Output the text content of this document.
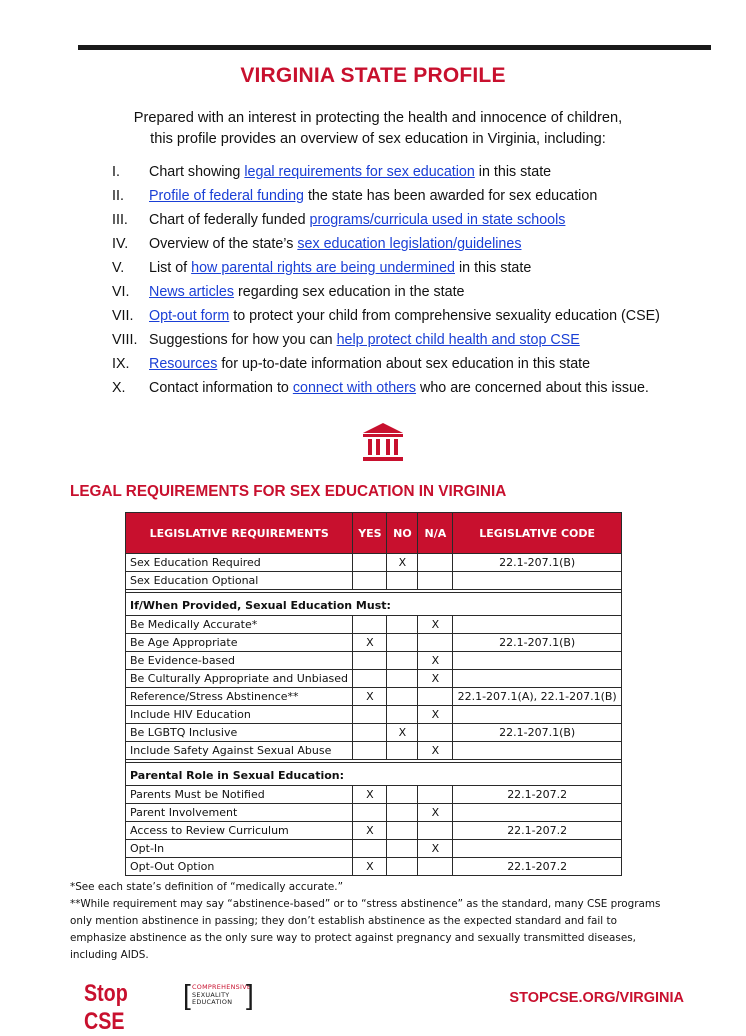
VIRGINIA STATE PROFILE
Prepared with an interest in protecting the health and innocence of children,
this profile provides an overview of sex education in Virginia, including:
I.	Chart showing legal requirements for sex education in this state
II.	Profile of federal funding the state has been awarded for sex education
III.	Chart of federally funded programs/curricula used in state schools
IV.	Overview of the state’s sex education legislation/guidelines
V.	List of how parental rights are being undermined in this state
VI.	News articles regarding sex education in the state
VII.	Opt-out form to protect your child from comprehensive sexuality education (CSE)
VIII. Suggestions for how you can help protect child health and stop CSE
IX.	Resources for up-to-date information about sex education in this state
X.	Contact information to connect with others who are concerned about this issue.
LEGAL REQUIREMENTS FOR SEX EDUCATION IN VIRGINIA
LEGISLATIVE REQUIREMENTS	YES	NO	N/A	LEGISLATIVE CODE
Sex Education Required		X		22.1-207.1(B)
Sex Education Optional				

If/When Provided, Sexual Education Must:				
Be Medically Accurate*			X	
Be Age Appropriate	X			22.1-207.1(B)
Be Evidence-based			X	
Be Culturally Appropriate and Unbiased			X	
Reference/Stress Abstinence**	X			22.1-207.1(A), 22.1-207.1(B)
Include HIV Education			X	
Be LGBTQ Inclusive		X		22.1-207.1(B)
Include Safety Against Sexual Abuse			X	

Parental Role in Sexual Education:				
Parents Must be Notified	X			22.1-207.2
Parent Involvement			X	
Access to Review Curriculum	X			22.1-207.2
Opt-In			X	
Opt-Out Option	X			22.1-207.2
*See each state’s definition of “medically accurate.”
**While requirement may say “abstinence-based” or to “stress abstinence” as the standard, many CSE programs only mention abstinence in passing; they don’t establish abstinence as the expected standard and fail to emphasize abstinence as the only sure way to protect against pregnancy and sexually transmitted diseases, including AIDS.
Stop CSE
[ COMPREHENSIVE
SEXUALITY
EDUCATION ]	STOPCSE.ORG/VIRGINIA
